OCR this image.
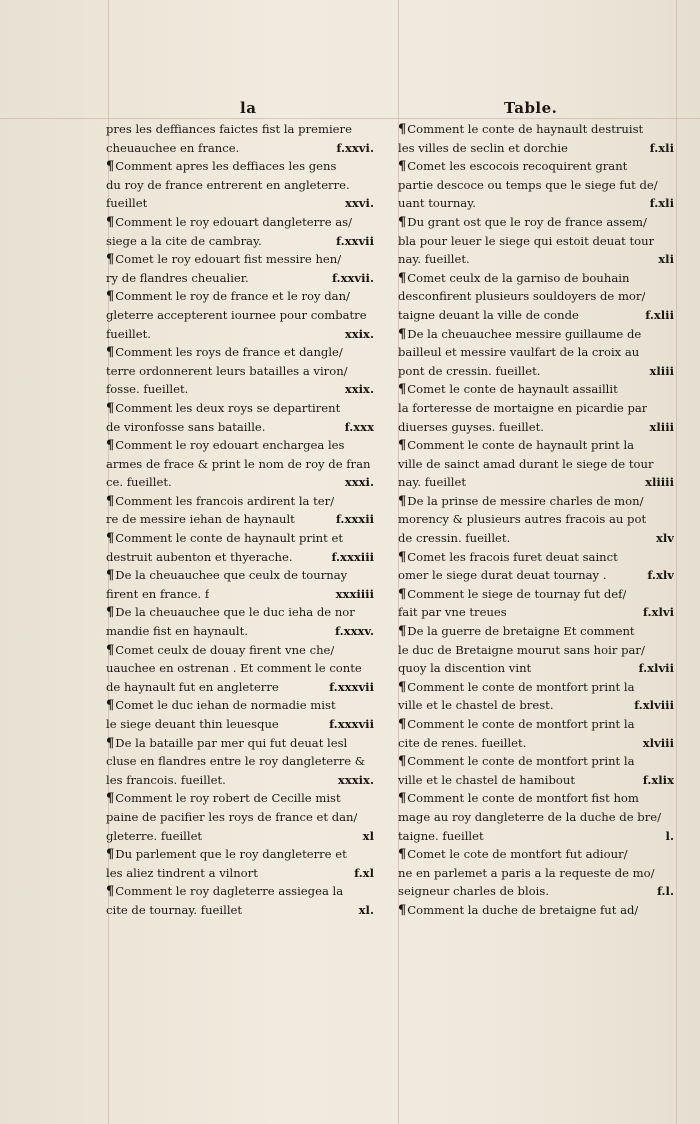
la	Table.
pres les deffiances faictes fist la premiere
cheuauchee en france.	f.xxvi.
¶Comment apres les deffiaces les gens
du roy de france entrerent en angleterre.
fueillet	xxvi.
¶Comment le roy edouart dangleterre as/
siege a la cite de cambray.	f.xxvii
¶Comet le roy edouart fist messire hen/
ry de flandres cheualier.	f.xxvii.
¶Comment le roy de france et le roy dan/
gleterre accepterent iournee pour combatre
fueillet.	xxix.
¶Comment les roys de france et dangle/
terre ordonnerent leurs batailles a viron/
fosse. fueillet.	xxix.
¶Comment les deux roys se departirent
de vironfosse sans bataille.	f.xxx
¶Comment le roy edouart enchargea les
armes de frace & print le nom de roy de fran
ce. fueillet.	xxxi.
¶Comment les francois ardirent la ter/
re de messire iehan de haynault	f.xxxii
¶Comment le conte de haynault print et
destruit aubenton et thyerache.	f.xxxiii
¶De la cheuauchee que ceulx de tournay
firent en france. f	xxxiiii
¶De la cheuauchee que le duc ieha de nor
mandie fist en haynault.	f.xxxv.
¶Comet ceulx de douay firent vne che/
uauchee en ostrenan . Et comment le conte
de haynault fut en angleterre	f.xxxvii
¶Comet le duc iehan de normadie mist
le siege deuant thin leuesque	f.xxxvii
¶De la bataille par mer qui fut deuat lesl
cluse en flandres entre le roy dangleterre &
les francois. fueillet.	xxxix.
¶Comment le roy robert de Cecille mist
paine de pacifier les roys de france et dan/
gleterre. fueillet	xl
¶Du parlement que le roy dangleterre et
les aliez tindrent a vilnort	f.xl
¶Comment le roy dagleterre assiegea la
cite de tournay. fueillet	xl.
¶Comment le conte de haynault destruist
les villes de seclin et dorchie	f.xli
¶Comet les escocois recoquirent grant
partie descoce ou temps que le siege fut de/
uant tournay.	f.xli
¶Du grant ost que le roy de france assem/
bla pour leuer le siege qui estoit deuat tour
nay. fueillet.	xli
¶Comet ceulx de la garniso de bouhain
desconfirent plusieurs souldoyers de mor/
taigne deuant la ville de conde	f.xlii
¶De la cheuauchee messire guillaume de
bailleul et messire vaulfart de la croix au
pont de cressin. fueillet.	xliii
¶Comet le conte de haynault assaillit
la forteresse de mortaigne en picardie par
diuerses guyses. fueillet.	xliii
¶Comment le conte de haynault print la
ville de sainct amad durant le siege de tour
nay. fueillet	xliiii
¶De la prinse de messire charles de mon/
morency & plusieurs autres fracois au pot
de cressin. fueillet.	xlv
¶Comet les fracois furet deuat sainct
omer le siege durat deuat tournay .	f.xlv
¶Comment le siege de tournay fut def/
fait par vne treues	f.xlvi
¶De la guerre de bretaigne Et comment
le duc de Bretaigne mourut sans hoir par/
quoy la discention vint	f.xlvii
¶Comment le conte de montfort print la
ville et le chastel de brest.	f.xlviii
¶Comment le conte de montfort print la
cite de renes. fueillet.	xlviii
¶Comment le conte de montfort print la
ville et le chastel de hamibout	f.xlix
¶Comment le conte de montfort fist hom
mage au roy dangleterre de la duche de bre/
taigne. fueillet	l.
¶Comet le cote de montfort fut adiour/
ne en parlemet a paris a la requeste de mo/
seigneur charles de blois.	f.l.
¶Comment la duche de bretaigne fut ad/
